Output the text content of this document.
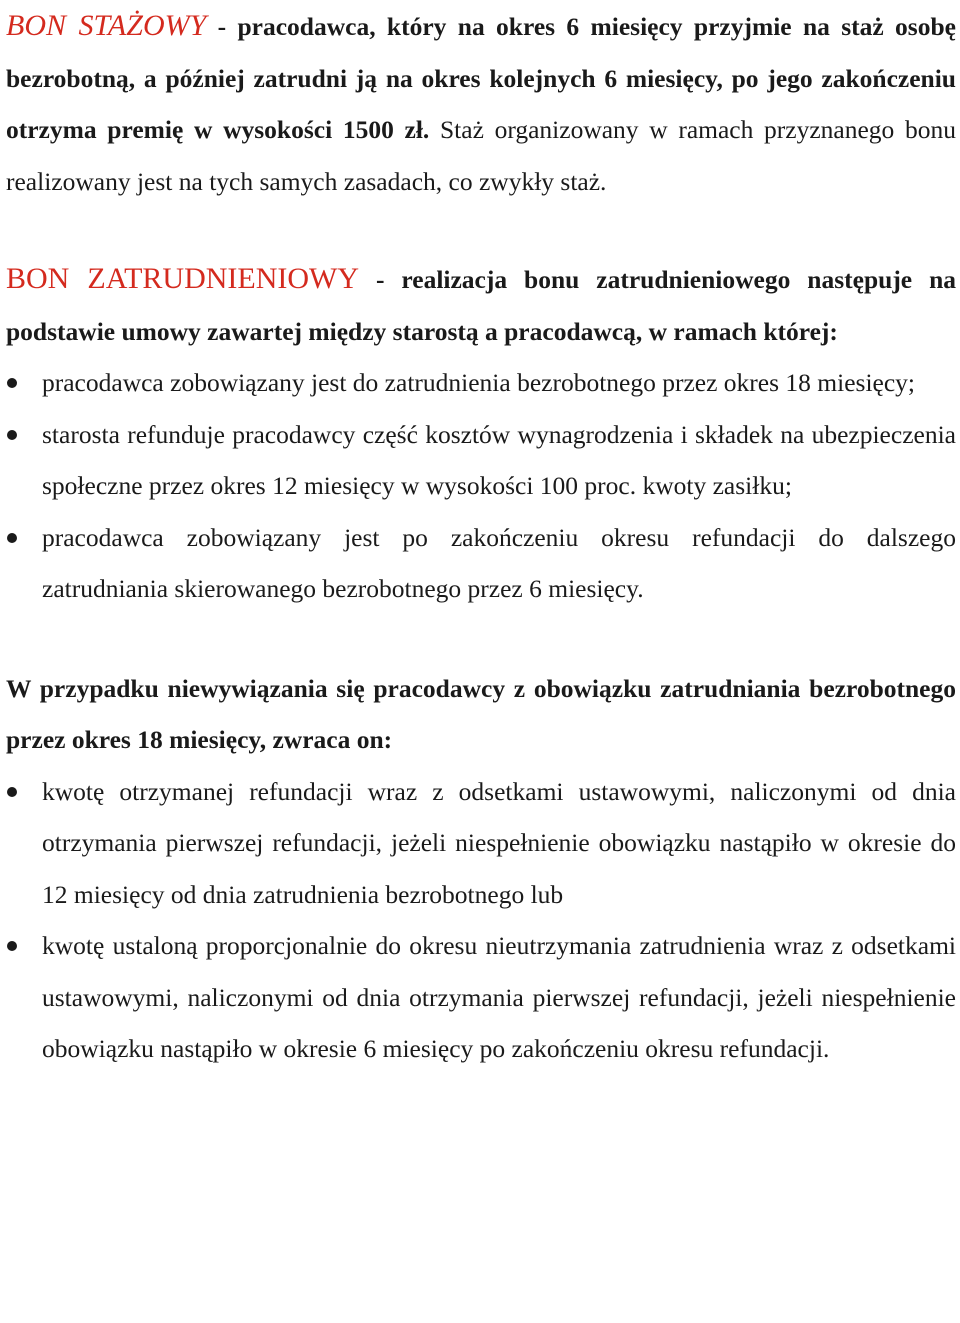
BON STAŻOWY - pracodawca, który na okres 6 miesięcy przyjmie na staż osobę bezrobotną, a później zatrudni ją na okres kolejnych 6 miesięcy, po jego zakończeniu otrzyma premię w wysokości 1500 zł. Staż organizowany w ramach przyznanego bonu realizowany jest na tych samych zasadach, co zwykły staż.

BON ZATRUDNIENIOWY - realizacja bonu zatrudnieniowego następuje na podstawie umowy zawartej między starostą a pracodawcą, w ramach której:

pracodawca zobowiązany jest do zatrudnienia bezrobotnego przez okres 18 miesięcy;
starosta refunduje pracodawcy część kosztów wynagrodzenia i składek na ubezpieczenia społeczne przez okres 12 miesięcy w wysokości 100 proc. kwoty zasiłku;
pracodawca zobowiązany jest po zakończeniu okresu refundacji do dalszego zatrudniania skierowanego bezrobotnego przez 6 miesięcy.

W przypadku niewywiązania się pracodawcy z obowiązku zatrudniania bezrobotnego przez okres 18 miesięcy, zwraca on:

kwotę otrzymanej refundacji wraz z odsetkami ustawowymi, naliczonymi od dnia otrzymania pierwszej refundacji, jeżeli niespełnienie obowiązku nastąpiło w okresie do 12 miesięcy od dnia zatrudnienia bezrobotnego lub
kwotę ustaloną proporcjonalnie do okresu nieutrzymania zatrudnienia wraz z odsetkami ustawowymi, naliczonymi od dnia otrzymania pierwszej refundacji, jeżeli niespełnienie obowiązku nastąpiło w okresie 6 miesięcy po zakończeniu okresu refundacji.
